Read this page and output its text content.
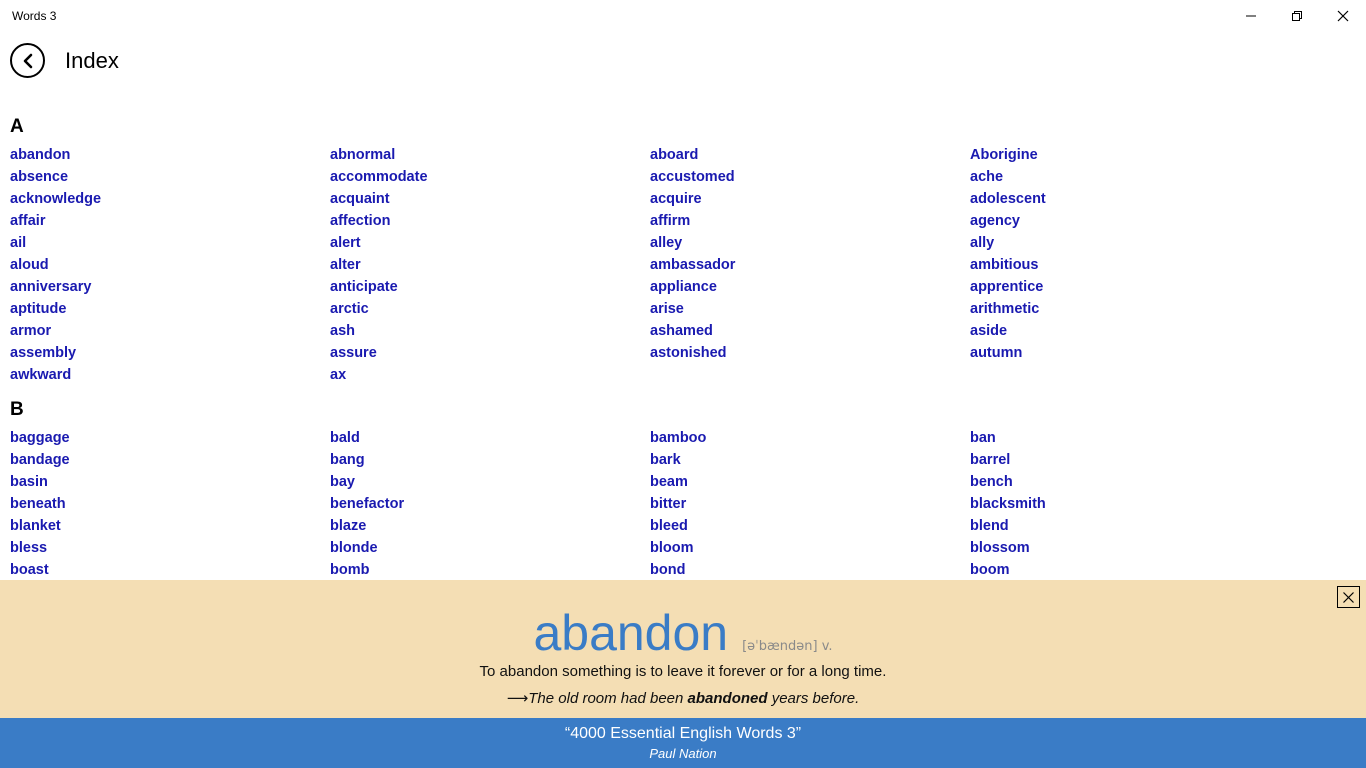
Words 3
Index
A
abandon
absence
acknowledge
affair
ail
aloud
anniversary
aptitude
armor
assembly
awkward
abnormal
accommodate
acquaint
affection
alert
alter
anticipate
arctic
ash
assure
ax
aboard
accustomed
acquire
affirm
alley
ambassador
appliance
arise
ashamed
astonished
Aborigine
ache
adolescent
agency
ally
ambitious
apprentice
arithmetic
aside
autumn
B
baggage
bandage
basin
beneath
blanket
bless
boast
bald
bang
bay
benefactor
blaze
blonde
bomb
bamboo
bark
beam
bitter
bleed
bloom
bond
ban
barrel
bench
blacksmith
blend
blossom
boom
abandon [əˈbændən] v.
To abandon something is to leave it forever or for a long time.
⟶The old room had been abandoned years before.
“4000 Essential English Words 3”
Paul Nation
